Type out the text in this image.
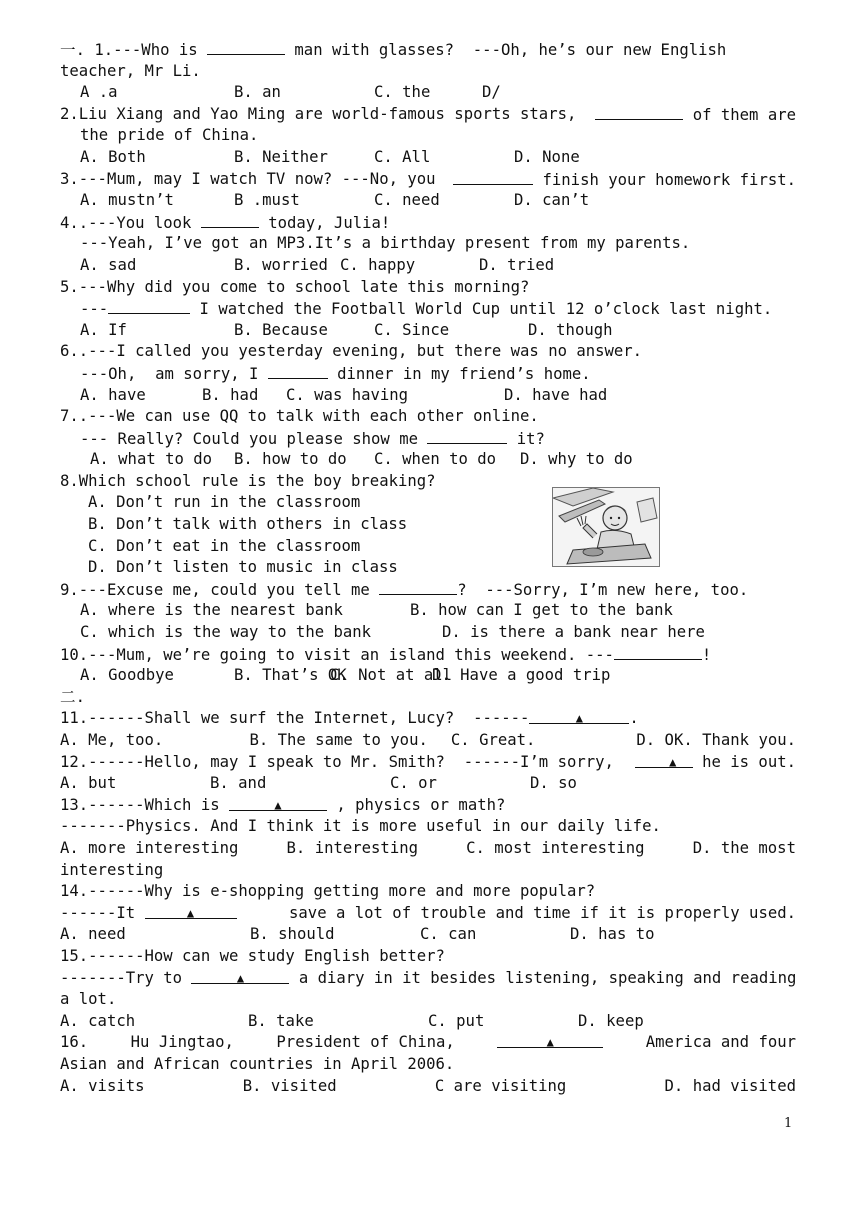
一. 1.---Who is	man with glasses?  ---Oh, he’s our new English
teacher, Mr Li.
A .a	B. an	C. the	D/
2.Liu Xiang and Yao Ming are world-famous sports stars,	of them are
the pride of China.
A. Both	B. Neither	C. All	D. None
3.---Mum, may I watch TV now? ---No, you	finish your homework first.
A. mustn’t	B .must	C. need	D. can’t
4..---You look	today, Julia!
---Yeah, I’ve got an MP3.It’s a birthday present from my parents.
A. sad	B. worried C. happy	D. tried
5.---Why did you come to school late this morning?
---	I watched the Football World Cup until 12 o’clock last night.
A. If	B. Because	C. Since	D. though
6..---I called you yesterday evening, but there was no answer.
---Oh,  am sorry, I	dinner in my friend’s home.
A. have	B. had	C. was having	D. have had
7..---We can use QQ to talk with each other online.
--- Really? Could you please show me	it?
A. what to do	B. how to do	C. when to do	D. why to do
8.Which school rule is the boy breaking?
A. Don’t run in the classroom
B. Don’t talk with others in class
C. Don’t eat in the classroom
D. Don’t listen to music in class
9.---Excuse me, could you tell me	?  ---Sorry, I’m new here, too.
A. where is the nearest bank	B. how can I get to the bank
C. which is the way to the bank	D. is there a bank near here
10.---Mum, we’re going to visit an island this weekend. ---	!
A. Goodbye	B. That’s OK
C. Not at all
D. Have a good trip
二.
11.------Shall we surf the Internet, Lucy?  ------	▲	.
A. Me, too.	B. The same to you.	C. Great.	D. OK. Thank you.
12.------Hello, may I speak to Mr. Smith?  ------I’m sorry,	▲ he is out.
A. but	B. and	C. or	D. so
13.------Which is	▲	, physics or math?
-------Physics. And I think it is more useful in our daily life.
A. more interesting	B. interesting	C. most interesting	D. the most
interesting
14.------Why is e-shopping getting more and more popular?
------It	▲	save a lot of trouble and time if it is properly used.
A. need	B. should	C. can	D. has to
15.------How can we study English better?
-------Try to	▲	a diary in it besides listening, speaking and reading
a lot.
A. catch	B. take	C. put	D. keep
16.	Hu Jingtao,	President of China,	▲	America and four
Asian and African countries in April 2006.
A. visits	B. visited	C are visiting	D. had visited
1
